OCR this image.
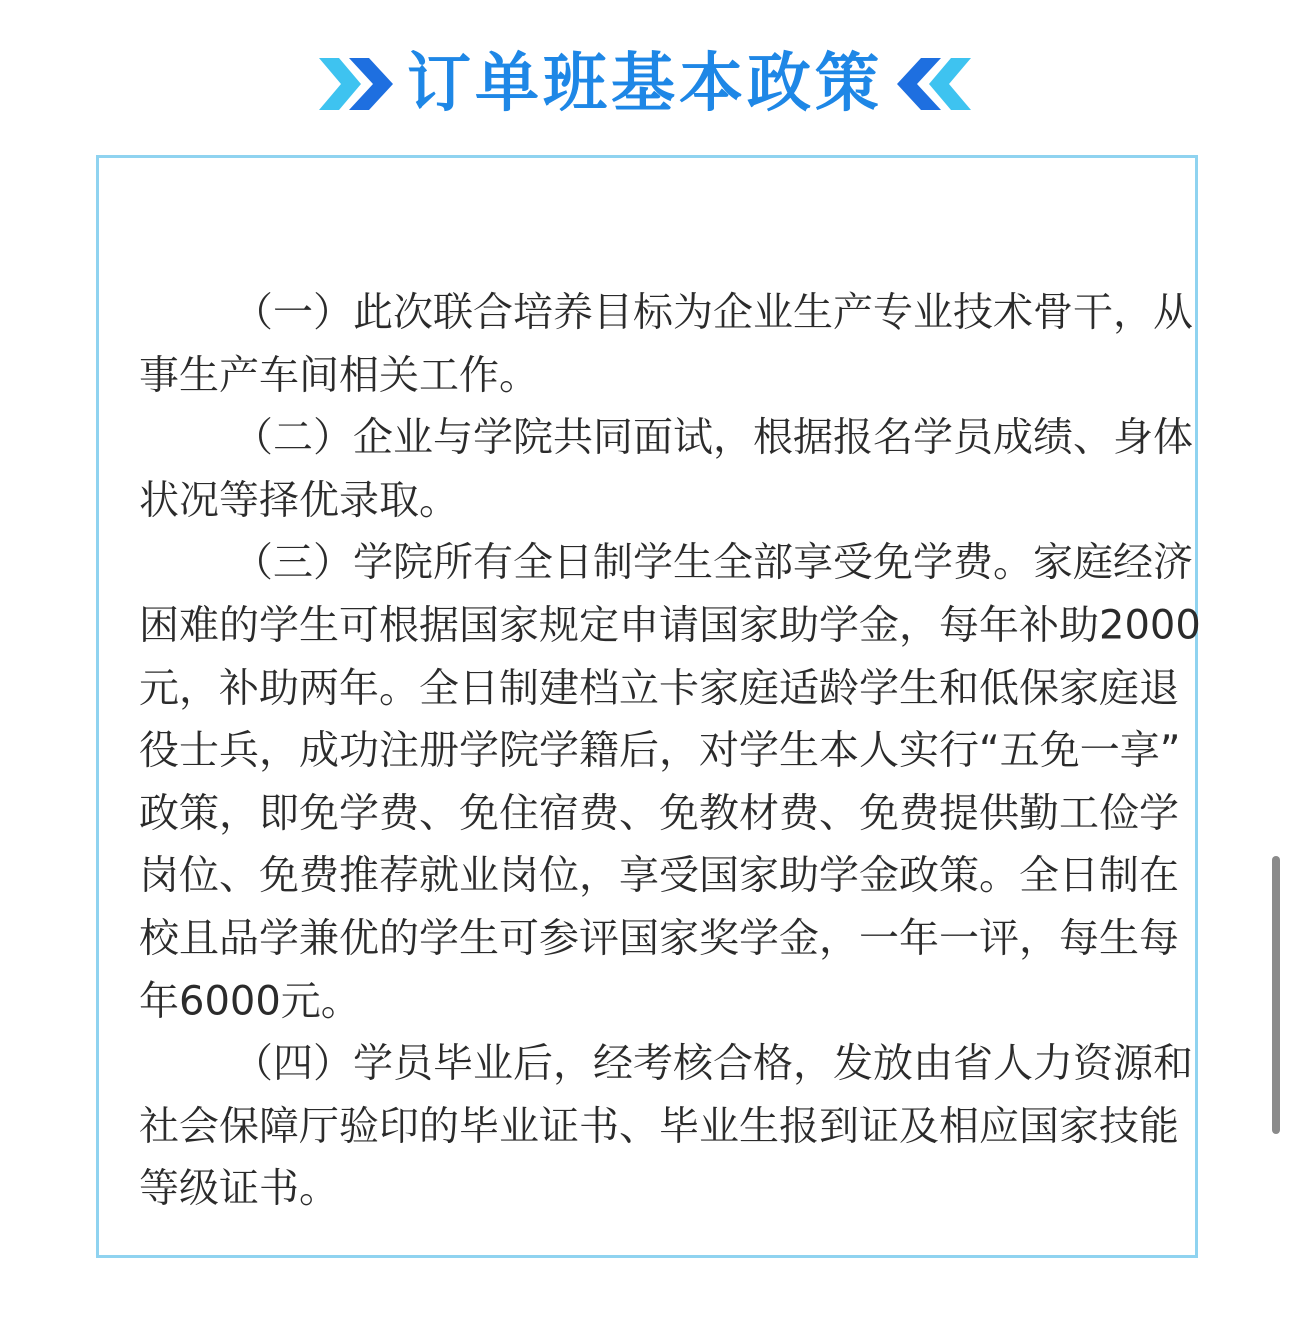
订单班基本政策
（一）此次联合培养目标为企业生产专业技术骨干，从
事生产车间相关工作。
（二）企业与学院共同面试，根据报名学员成绩、身体
状况等择优录取。
（三）学院所有全日制学生全部享受免学费。家庭经济
困难的学生可根据国家规定申请国家助学金，每年补助2000
元，补助两年。全日制建档立卡家庭适龄学生和低保家庭退
役士兵，成功注册学院学籍后，对学生本人实行“五免一享”
政策，即免学费、免住宿费、免教材费、免费提供勤工俭学
岗位、免费推荐就业岗位，享受国家助学金政策。全日制在
校且品学兼优的学生可参评国家奖学金，一年一评，每生每
年6000元。
（四）学员毕业后，经考核合格，发放由省人力资源和
社会保障厅验印的毕业证书、毕业生报到证及相应国家技能
等级证书。
